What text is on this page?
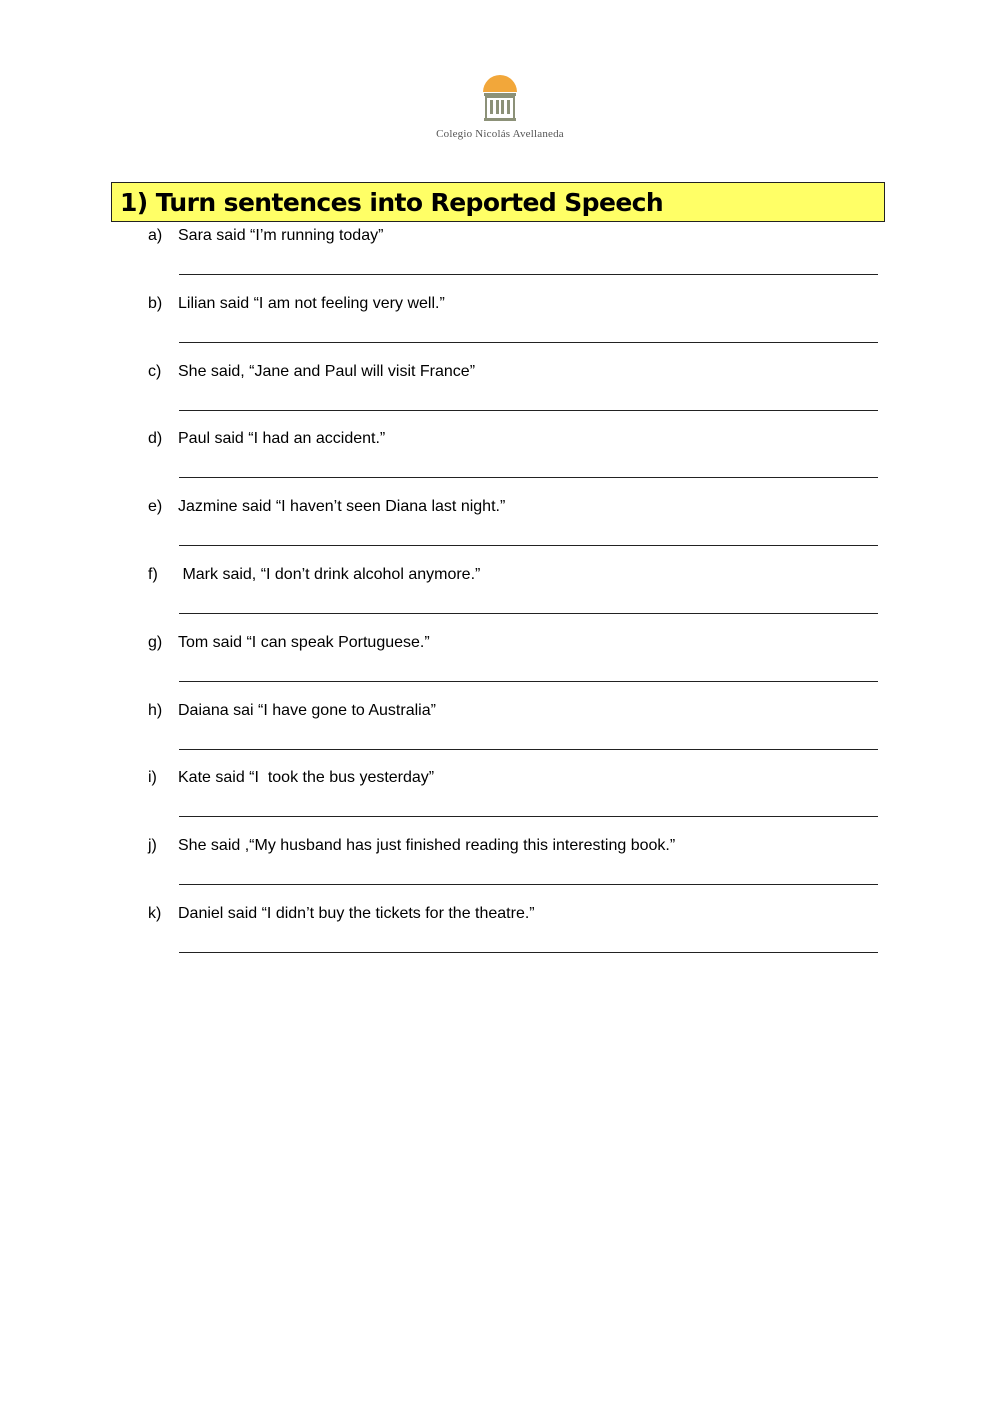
Colegio Nicolás Avellaneda
1) Turn sentences into Reported Speech
a) Sara said “I’m running today”
b) Lilian said “I am not feeling very well.”
c) She said, “Jane and Paul will visit France”
d) Paul said “I had an accident.”
e) Jazmine said “I haven’t seen Diana last night.”
f) Mark said, “I don’t drink alcohol anymore.”
g) Tom said “I can speak Portuguese.”
h) Daiana sai “I have gone to Australia”
i) Kate said “I  took the bus yesterday”
j) She said ,“My husband has just finished reading this interesting book.”
k) Daniel said “I didn’t buy the tickets for the theatre.”
